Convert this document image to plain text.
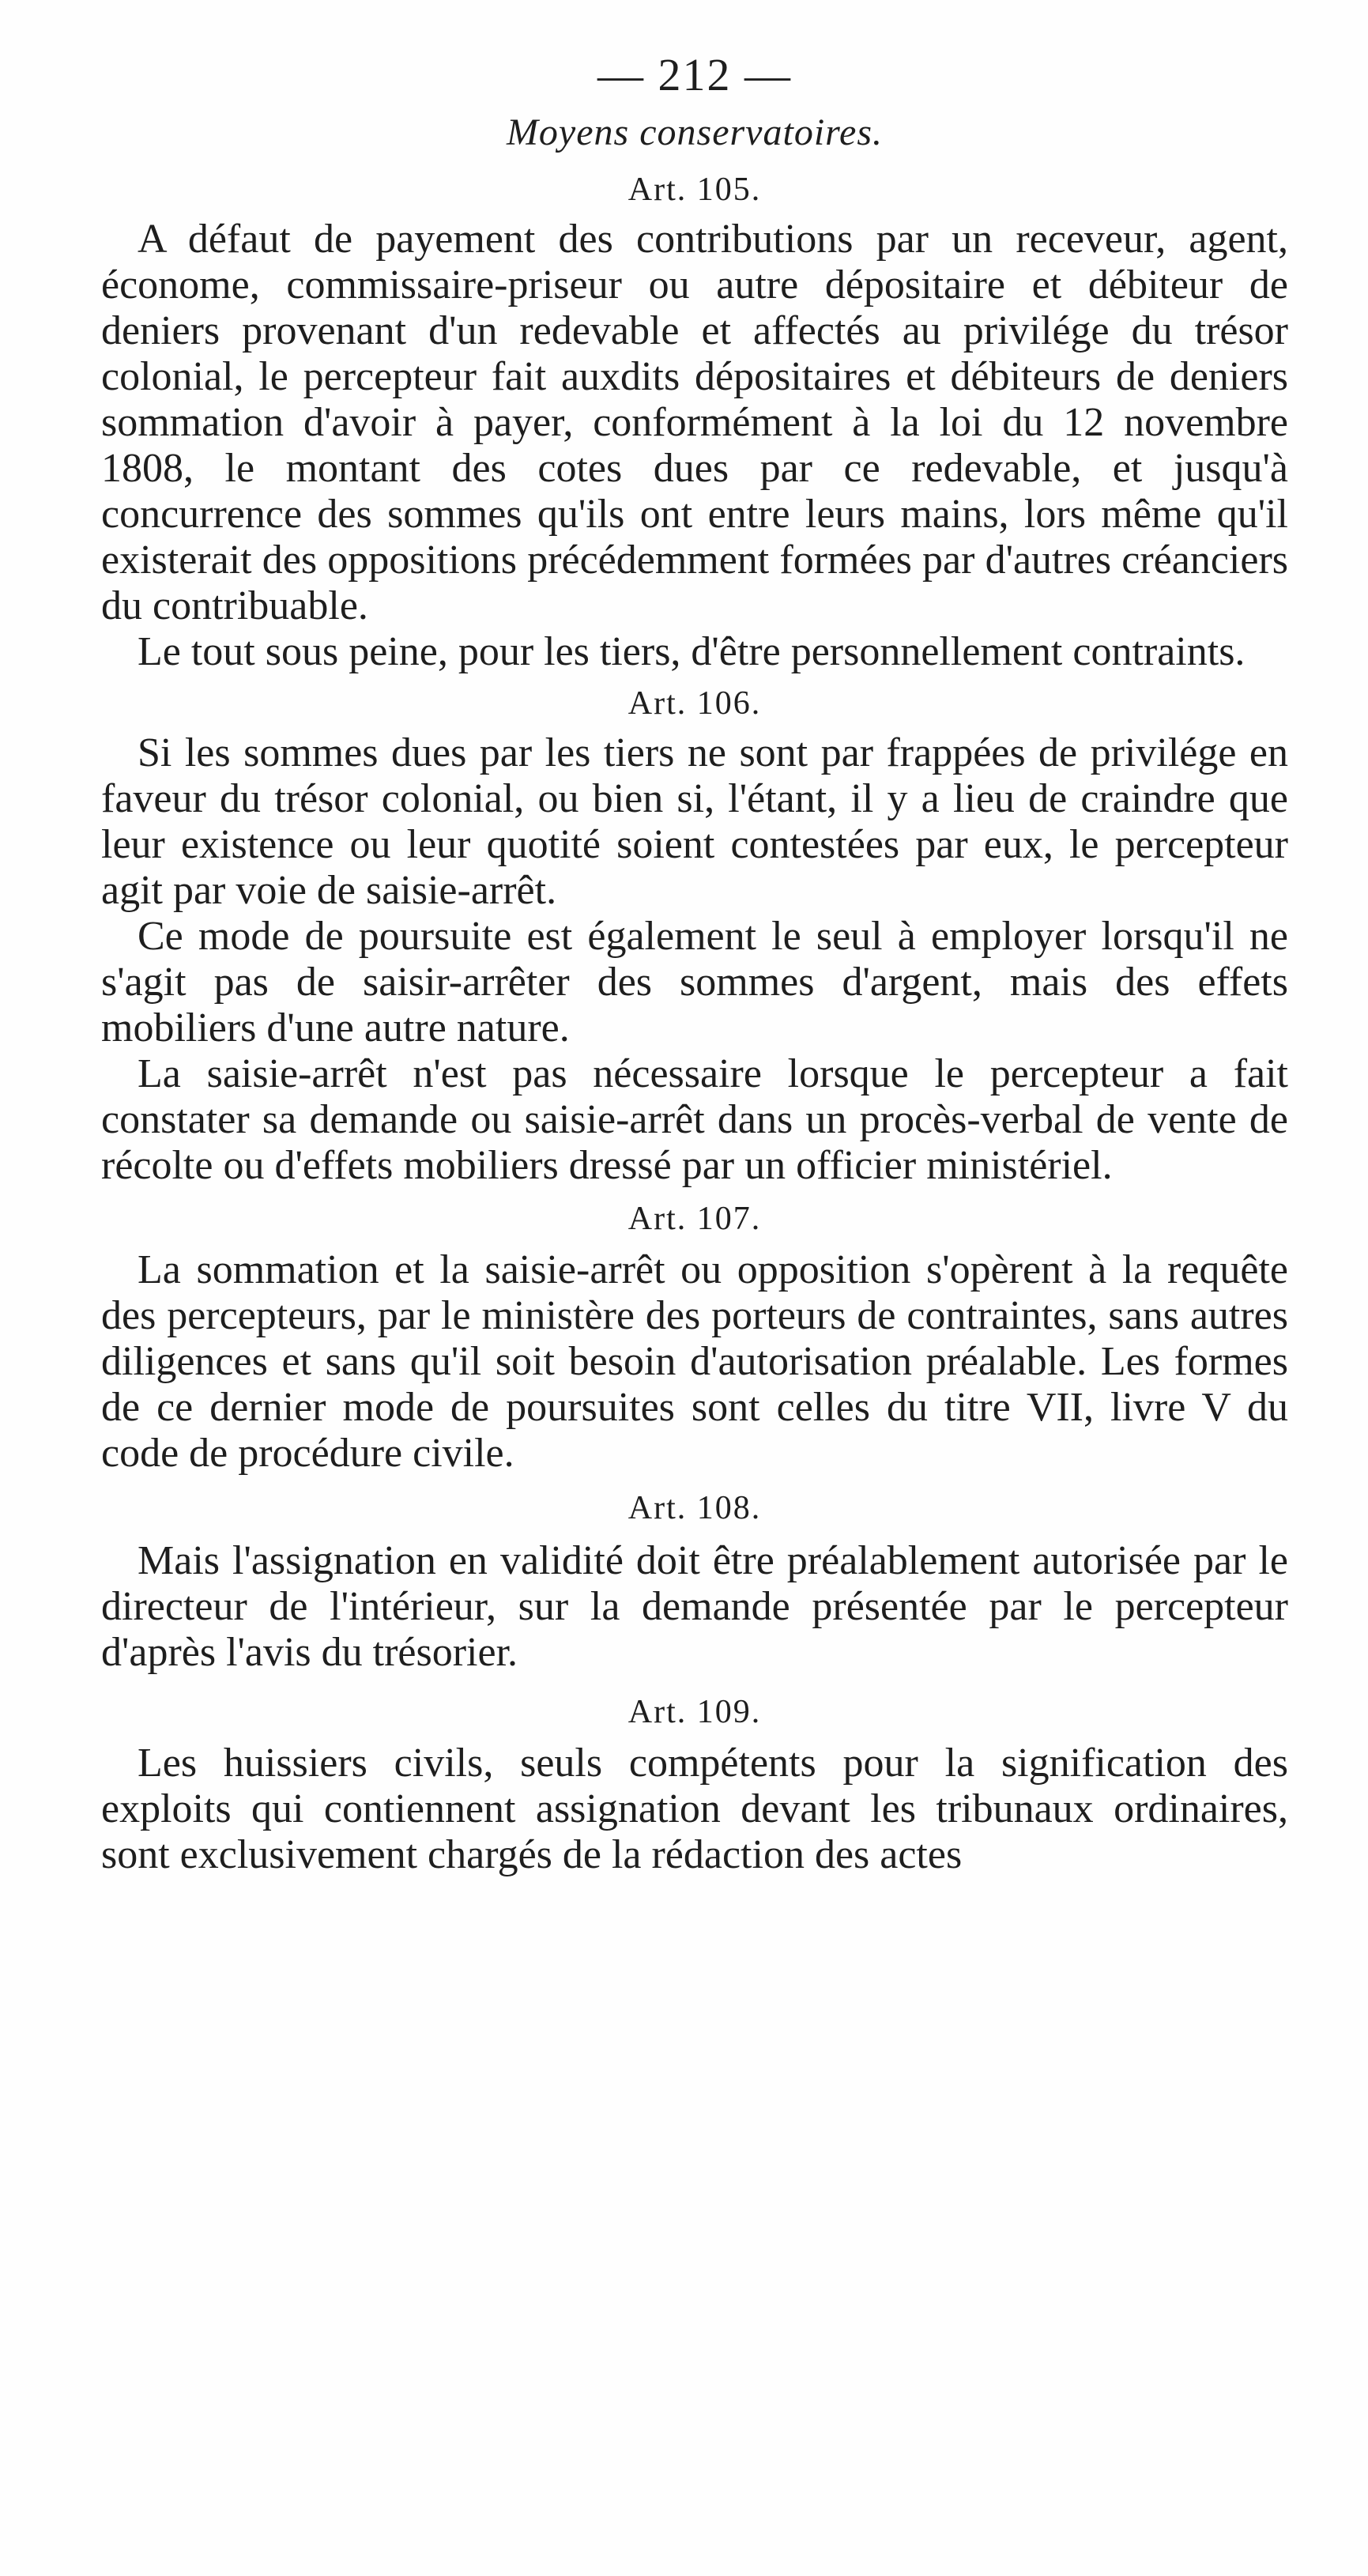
— 212 —
Moyens conservatoires.
Art. 105.

A défaut de payement des contributions par un receveur, agent, économe, commissaire-priseur ou autre dépositaire et débiteur de deniers provenant d'un redevable et affectés au privilége du trésor colonial, le percepteur fait auxdits dépositaires et débiteurs de deniers sommation d'avoir à payer, conformément à la loi du 12 novembre 1808, le montant des cotes dues par ce redevable, et jusqu'à concurrence des sommes qu'ils ont entre leurs mains, lors même qu'il existerait des oppositions précédemment formées par d'autres créanciers du contribuable.

Le tout sous peine, pour les tiers, d'être personnellement contraints.

Art. 106.

Si les sommes dues par les tiers ne sont par frappées de privilége en faveur du trésor colonial, ou bien si, l'étant, il y a lieu de craindre que leur existence ou leur quotité soient contestées par eux, le percepteur agit par voie de saisie-arrêt.

Ce mode de poursuite est également le seul à employer lorsqu'il ne s'agit pas de saisir-arrêter des sommes d'argent, mais des effets mobiliers d'une autre nature.

La saisie-arrêt n'est pas nécessaire lorsque le percepteur a fait constater sa demande ou saisie-arrêt dans un procès-verbal de vente de récolte ou d'effets mobiliers dressé par un officier ministériel.

Art. 107.

La sommation et la saisie-arrêt ou opposition s'opèrent à la requête des percepteurs, par le ministère des porteurs de contraintes, sans autres diligences et sans qu'il soit besoin d'autorisation préalable. Les formes de ce dernier mode de poursuites sont celles du titre VII, livre V du code de procédure civile.

Art. 108.

Mais l'assignation en validité doit être préalablement autorisée par le directeur de l'intérieur, sur la demande présentée par le percepteur d'après l'avis du trésorier.

Art. 109.

Les huissiers civils, seuls compétents pour la signification des exploits qui contiennent assignation devant les tribunaux ordinaires, sont exclusivement chargés de la rédaction des actes
